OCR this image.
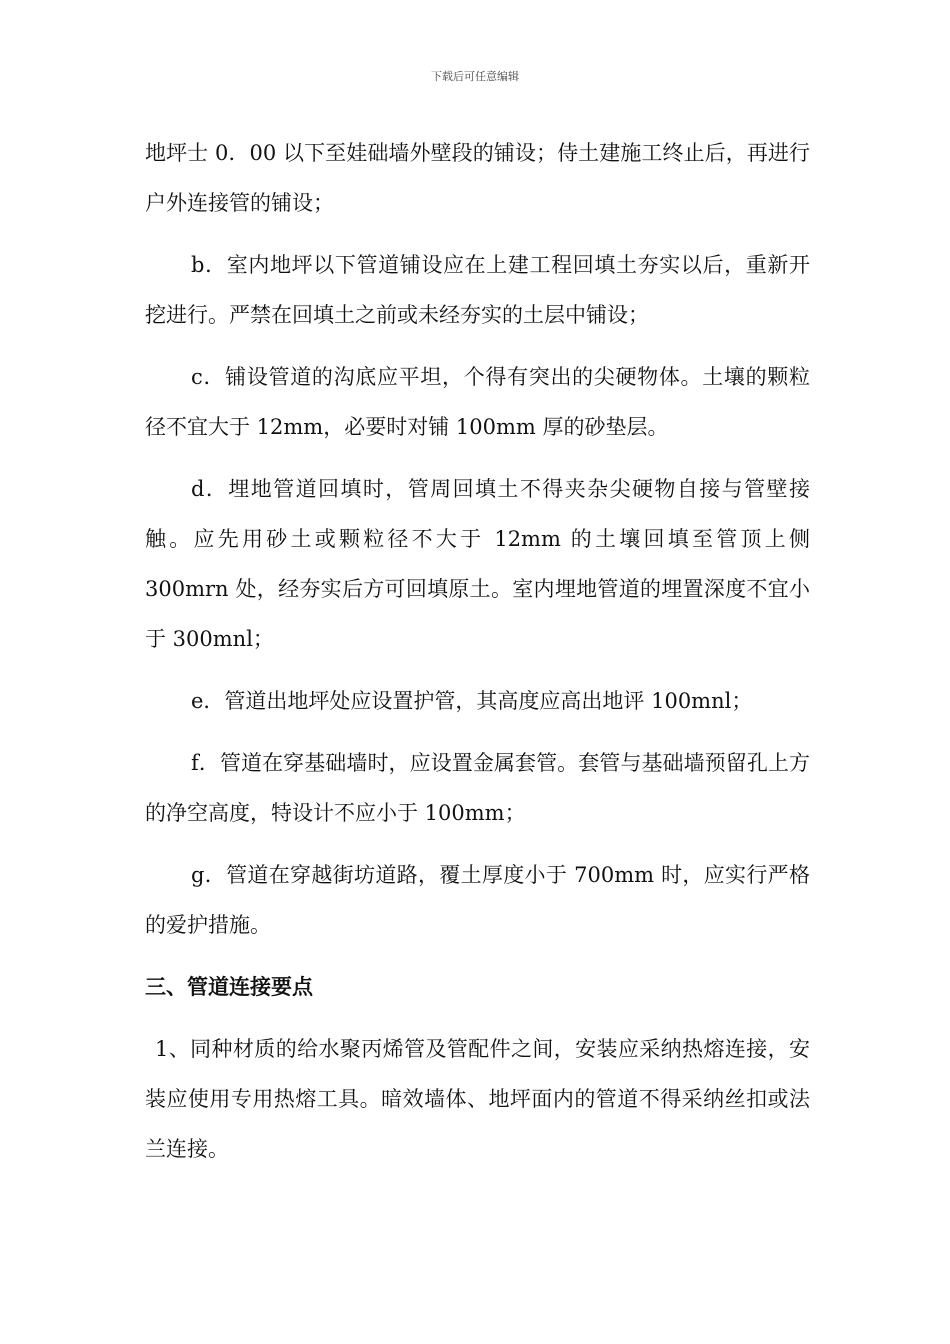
下载后可任意编辑

地坪士 0．00 以下至娃础墙外壁段的铺设；侍土建施工终止后，再进行户外连接管的铺设；

b．室内地坪以下管道铺设应在上建工程回填土夯实以后，重新开挖进行。严禁在回填土之前或未经夯实的土层中铺设；

c．铺设管道的沟底应平坦，个得有突出的尖硬物体。土壤的颗粒径不宜大于 12mm，必要时对铺 100mm 厚的砂垫层。

d．埋地管道回填时，管周回填土不得夹杂尖硬物自接与管壁接触。应先用砂土或颗粒径不大于 12mm 的土壤回填至管顶上侧 300mrn 处，经夯实后方可回填原土。室内埋地管道的埋置深度不宜小于 300mnl；

e．管道出地坪处应设置护管，其高度应高出地评 100mnl；

f．管道在穿基础墙时，应设置金属套管。套管与基础墙预留孔上方的净空高度，特设计不应小于 100mm；

g．管道在穿越街坊道路，覆土厚度小于 700mm 时，应实行严格的爱护措施。

三、管道连接要点

1、同种材质的给水聚丙烯管及管配件之间，安装应采纳热熔连接，安装应使用专用热熔工具。暗效墙体、地坪面内的管道不得采纳丝扣或法兰连接。
